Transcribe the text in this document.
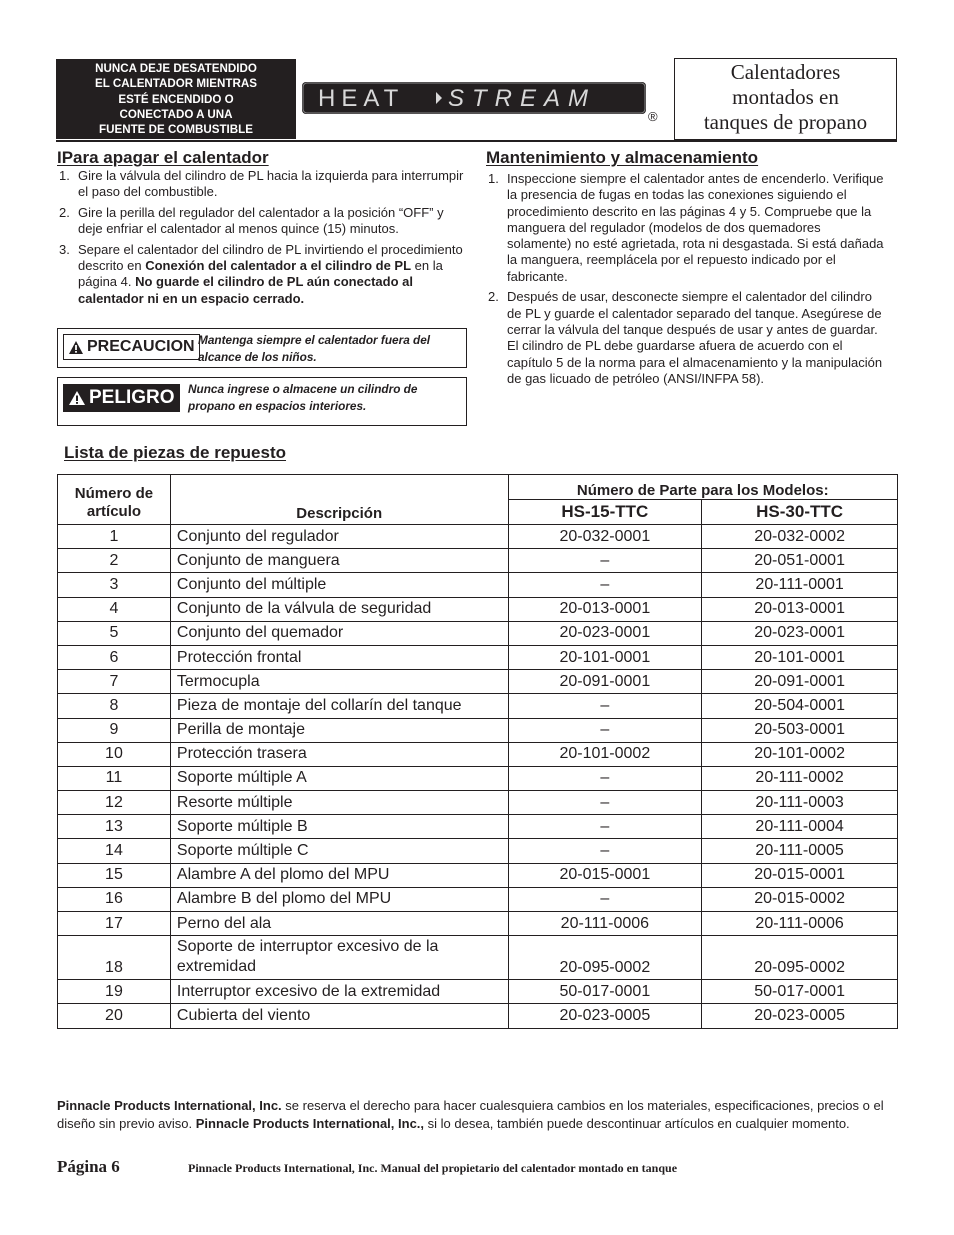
NUNCA DEJE DESATENDIDO
EL CALENTADOR MIENTRAS
ESTÉ ENCENDIDO O
CONECTADO A UNA
FUENTE DE COMBUSTIBLE
HEAT STREAM
®
Calentadores
montados en
tanques de propano
IPara apagar el calentador
1. Gire la válvula del cilindro de PL hacia la izquierda para interrumpir el paso del combustible.
2. Gire la perilla del regulador del calentador a la posición “OFF” y deje enfriar el calentador al menos quince (15) minutos.
3. Separe el calentador del cilindro de PL invirtiendo el procedimiento descrito en Conexión del calentador a el cilindro de PL en la página 4. No guarde el cilindro de PL aún conectado al calentador ni en un espacio cerrado.
PRECAUCION Mantenga siempre el calentador fuera del alcance de los niños.
PELIGRO Nunca ingrese o almacene un cilindro de propano en espacios interiores.
Mantenimiento y almacenamiento
1. Inspeccione siempre el calentador antes de encenderlo. Verifique la presencia de fugas en todas las conexiones siguiendo el procedimiento descrito en las páginas 4 y 5. Compruebe que la manguera del regulador (modelos de dos quemadores solamente) no esté agrietada, rota ni desgastada. Si está dañada la manguera, reemplácela por el repuesto indicado por el fabricante.
2. Después de usar, desconecte siempre el calentador del cilindro de PL y guarde el calentador separado del tanque. Asegúrese de cerrar la válvula del tanque después de usar y antes de guardar. El cilindro de PL debe guardarse afuera de acuerdo con el capítulo 5 de la norma para el almacenamiento y la manipulación de gas licuado de petróleo (ANSI/INFPA 58).
Lista de piezas de repuesto
Número de artículo	Descripción	Número de Parte para los Modelos:	
		HS-15-TTC	HS-30-TTC
1	Conjunto del regulador	20-032-0001	20-032-0002
2	Conjunto de manguera	–	20-051-0001
3	Conjunto del múltiple	–	20-111-0001
4	Conjunto de la válvula de seguridad	20-013-0001	20-013-0001
5	Conjunto del quemador	20-023-0001	20-023-0001
6	Protección frontal	20-101-0001	20-101-0001
7	Termocupla	20-091-0001	20-091-0001
8	Pieza de montaje del collarín del tanque	–	20-504-0001
9	Perilla de montaje	–	20-503-0001
10	Protección trasera	20-101-0002	20-101-0002
11	Soporte múltiple A	–	20-111-0002
12	Resorte múltiple	–	20-111-0003
13	Soporte múltiple B	–	20-111-0004
14	Soporte múltiple C	–	20-111-0005
15	Alambre A del plomo del MPU	20-015-0001	20-015-0001
16	Alambre B del plomo del MPU	–	20-015-0002
17	Perno del ala	20-111-0006	20-111-0006
18	Soporte de interruptor excesivo de la extremidad	20-095-0002	20-095-0002
19	Interruptor excesivo de la extremidad	50-017-0001	50-017-0001
20	Cubierta del viento	20-023-0005	20-023-0005
Pinnacle Products International, Inc. se reserva el derecho para hacer cualesquiera cambios en los materiales, especificaciones, precios o el diseño sin previo aviso. Pinnacle Products International, Inc., si lo desea, también puede descontinuar artículos en cualquier momento.
Página 6	Pinnacle Products International, Inc. Manual del propietario del calentador montado en tanque
